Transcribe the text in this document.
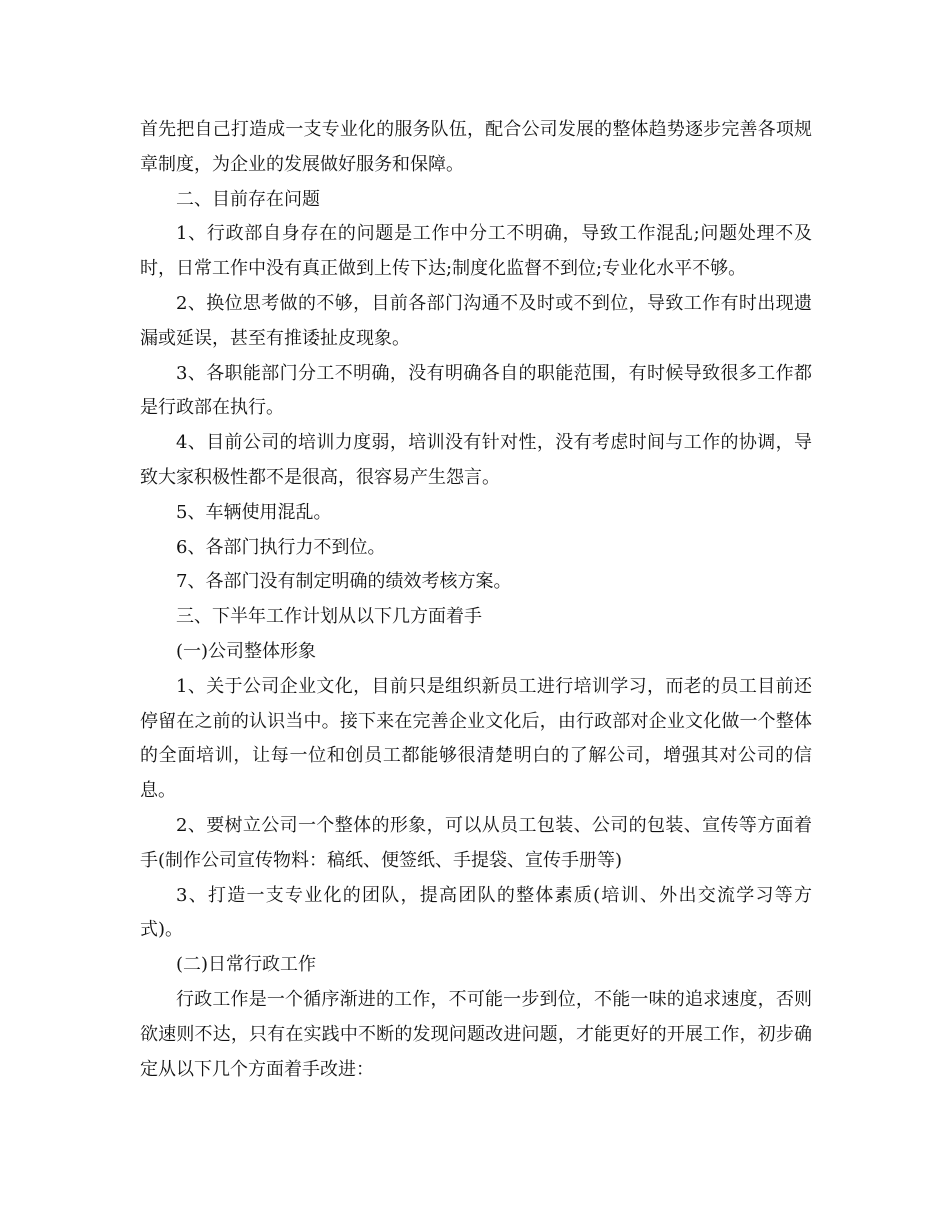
首先把自己打造成一支专业化的服务队伍，配合公司发展的整体趋势逐步完善各项规章制度，为企业的发展做好服务和保障。

二、目前存在问题

1、行政部自身存在的问题是工作中分工不明确，导致工作混乱;问题处理不及时，日常工作中没有真正做到上传下达;制度化监督不到位;专业化水平不够。

2、换位思考做的不够，目前各部门沟通不及时或不到位，导致工作有时出现遗漏或延误，甚至有推诿扯皮现象。

3、各职能部门分工不明确，没有明确各自的职能范围，有时候导致很多工作都是行政部在执行。

4、目前公司的培训力度弱，培训没有针对性，没有考虑时间与工作的协调，导致大家积极性都不是很高，很容易产生怨言。

5、车辆使用混乱。

6、各部门执行力不到位。

7、各部门没有制定明确的绩效考核方案。

三、下半年工作计划从以下几方面着手

(一)公司整体形象

1、关于公司企业文化，目前只是组织新员工进行培训学习，而老的员工目前还停留在之前的认识当中。接下来在完善企业文化后，由行政部对企业文化做一个整体的全面培训，让每一位和创员工都能够很清楚明白的了解公司，增强其对公司的信息。

2、要树立公司一个整体的形象，可以从员工包装、公司的包装、宣传等方面着手(制作公司宣传物料：稿纸、便签纸、手提袋、宣传手册等)

3、打造一支专业化的团队，提高团队的整体素质(培训、外出交流学习等方式)。

(二)日常行政工作

行政工作是一个循序渐进的工作，不可能一步到位，不能一味的追求速度，否则欲速则不达，只有在实践中不断的发现问题改进问题，才能更好的开展工作，初步确定从以下几个方面着手改进：
